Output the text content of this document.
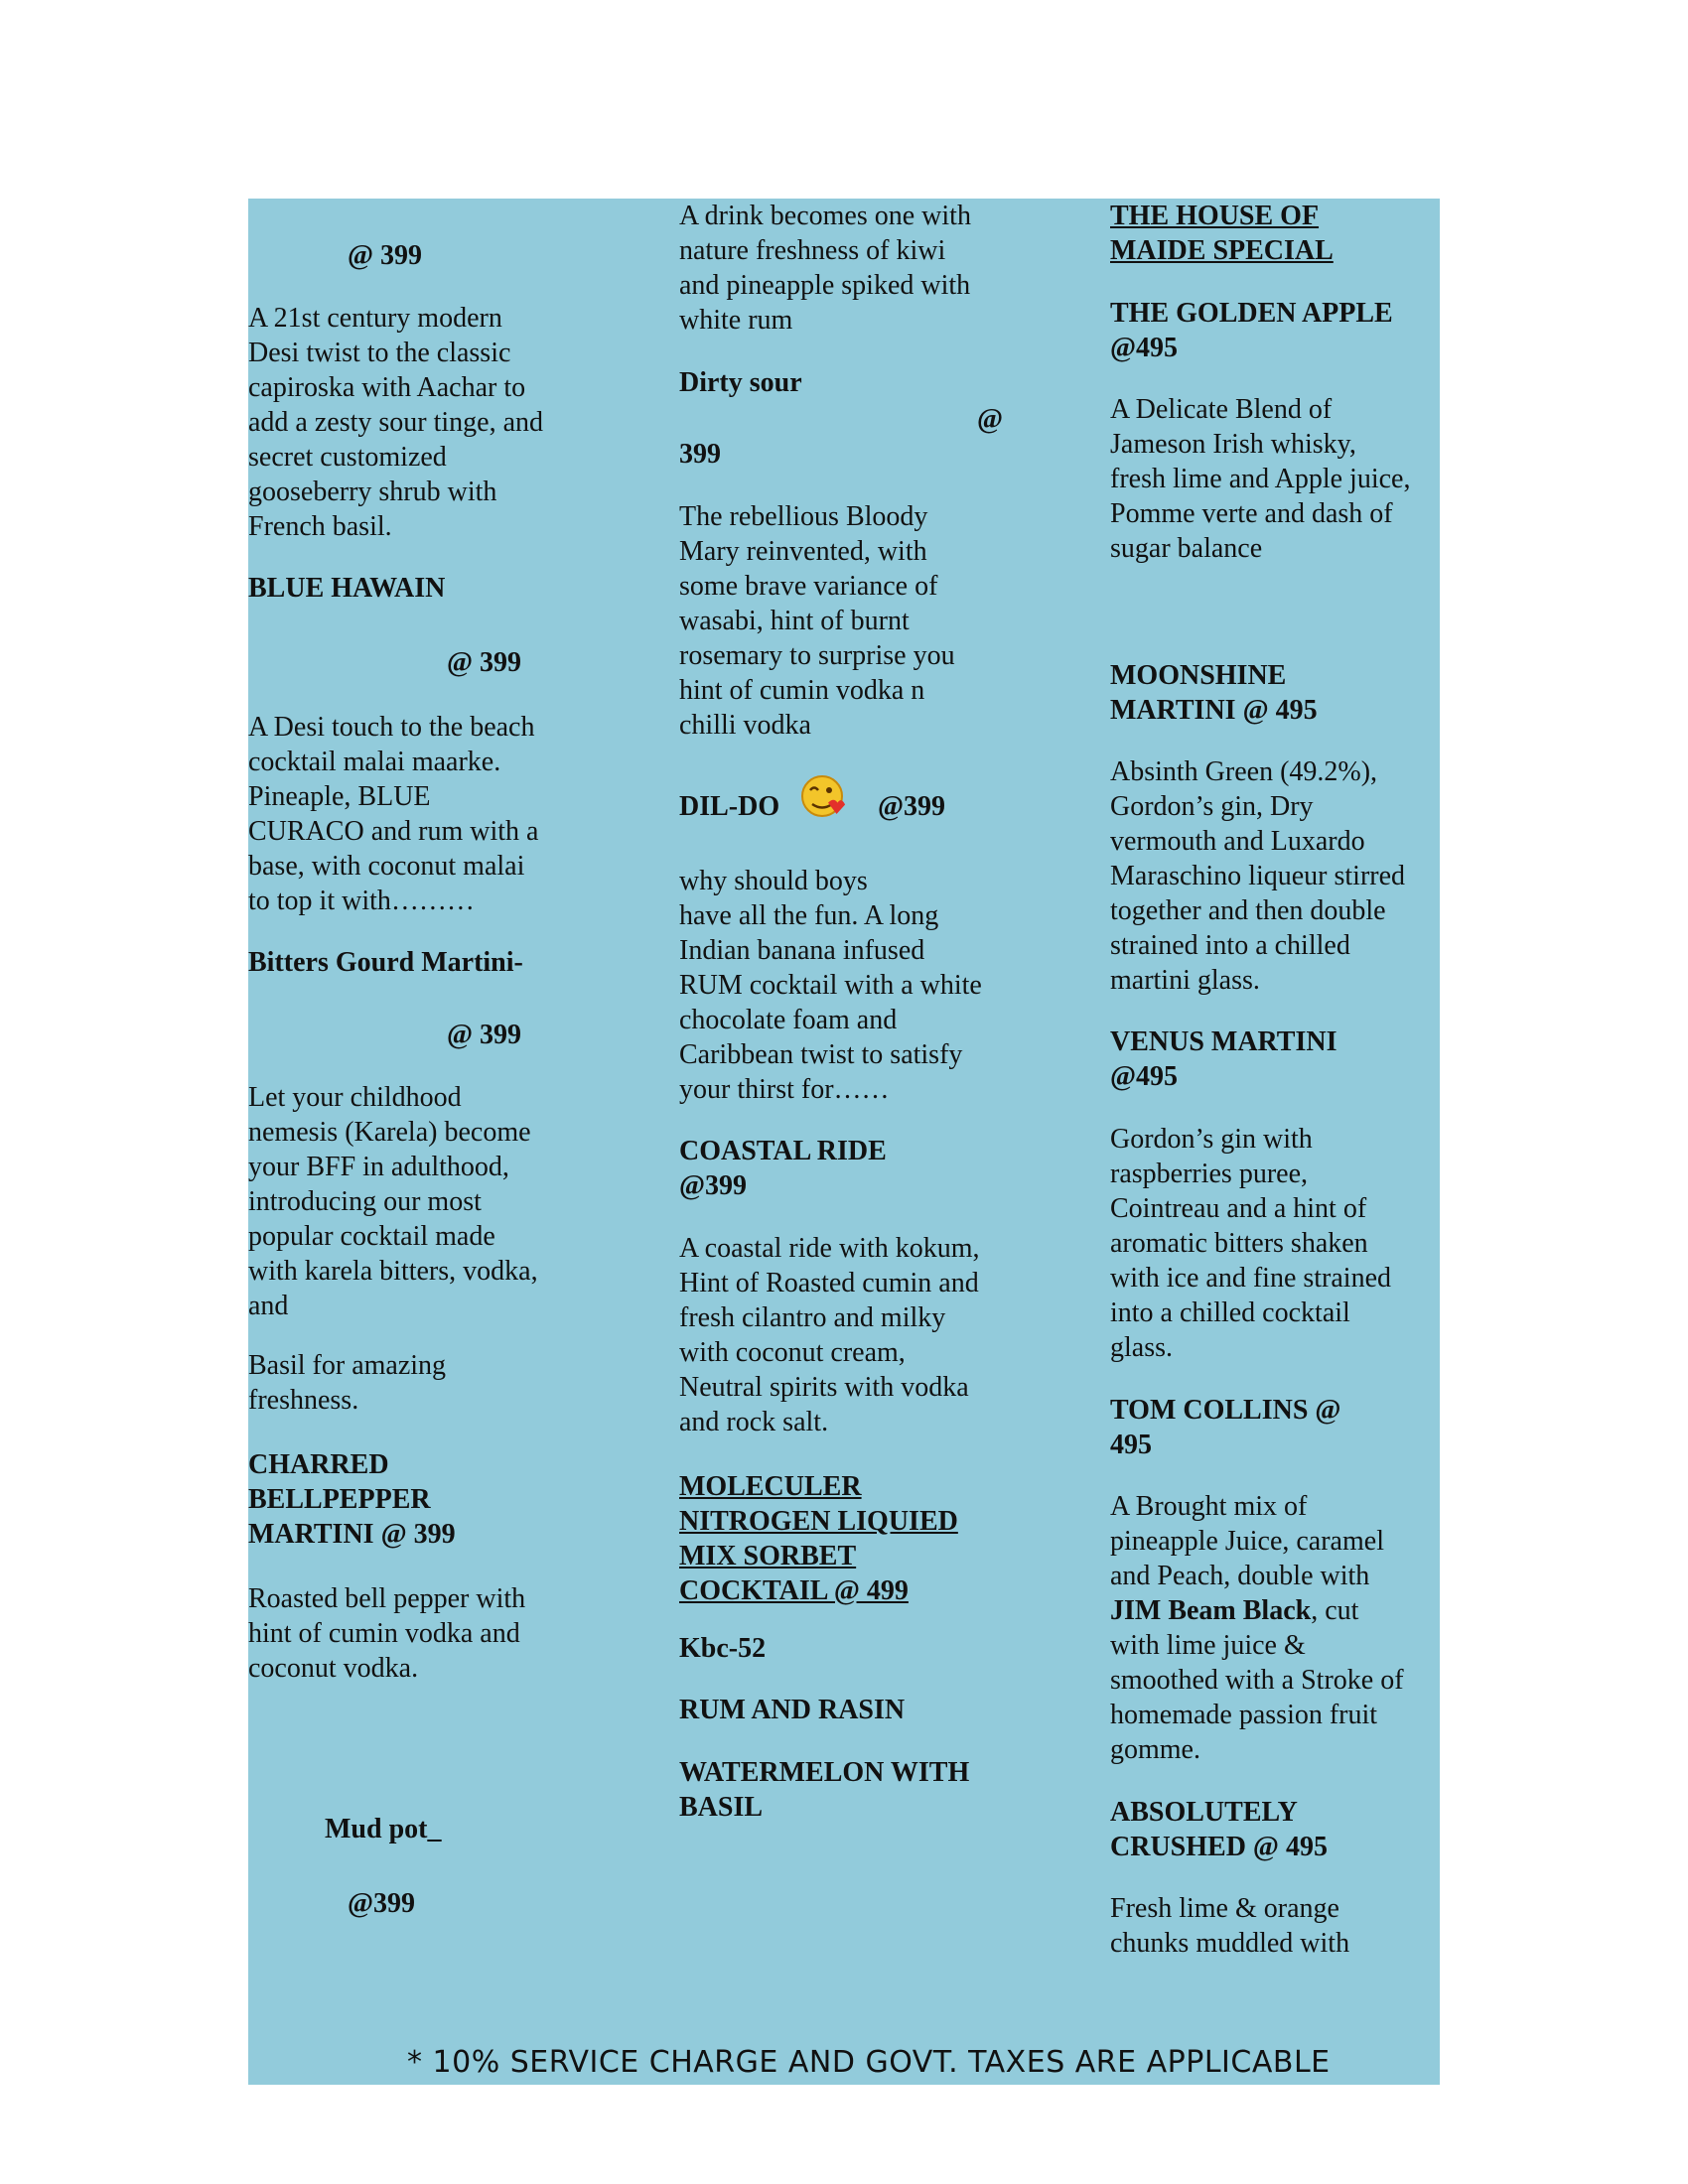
@ 399

A 21st century modern
Desi twist to the classic
capiroska with Aachar to
add a zesty sour tinge, and
secret customized
gooseberry shrub with
French basil.

BLUE HAWAIN

@ 399

A Desi touch to the beach
cocktail malai maarke.
Pineaple, BLUE
CURACO and rum with a
base, with coconut malai
to top it with………

Bitters Gourd Martini-

@ 399

Let your childhood
nemesis (Karela) become
your BFF in adulthood,
introducing our most
popular cocktail made
with karela bitters, vodka,
and

Basil for amazing
freshness.

CHARRED
BELLPEPPER
MARTINI @ 399

Roasted bell pepper with
hint of cumin vodka and
coconut vodka.

Mud pot_

@399

A drink becomes one with
nature freshness of kiwi
and pineapple spiked with
white rum

Dirty sour

@

399

The rebellious Bloody
Mary reinvented, with
some brave variance of
wasabi, hint of burnt
rosemary to surprise you
hint of cumin vodka n
chilli vodka

DIL-DO	@399

why should boys
have all the fun. A long
Indian banana infused
RUM cocktail with a white
chocolate foam and
Caribbean twist to satisfy
your thirst for……

COASTAL RIDE
@399

A coastal ride with kokum,
Hint of Roasted cumin and
fresh cilantro and milky
with coconut cream,
Neutral spirits with vodka
and rock salt.

MOLECULER
NITROGEN LIQUIED
MIX SORBET
COCKTAIL @ 499

Kbc-52

RUM AND RASIN

WATERMELON WITH
BASIL

THE HOUSE OF
MAIDE SPECIAL

THE GOLDEN APPLE
@495

A Delicate Blend of
Jameson Irish whisky,
fresh lime and Apple juice,
Pomme verte and dash of
sugar balance

MOONSHINE
MARTINI @ 495

Absinth Green (49.2%),
Gordon’s gin, Dry
vermouth and Luxardo
Maraschino liqueur stirred
together and then double
strained into a chilled
martini glass.

VENUS MARTINI
@495

Gordon’s gin with
raspberries puree,
Cointreau and a hint of
aromatic bitters shaken
with ice and fine strained
into a chilled cocktail
glass.

TOM COLLINS @
495

A Brought mix of
pineapple Juice, caramel
and Peach, double with
JIM Beam Black, cut
with lime juice &
smoothed with a Stroke of
homemade passion fruit
gomme.

ABSOLUTELY
CRUSHED @ 495

Fresh lime & orange
chunks muddled with

* 10% SERVICE CHARGE AND GOVT. TAXES ARE APPLICABLE
